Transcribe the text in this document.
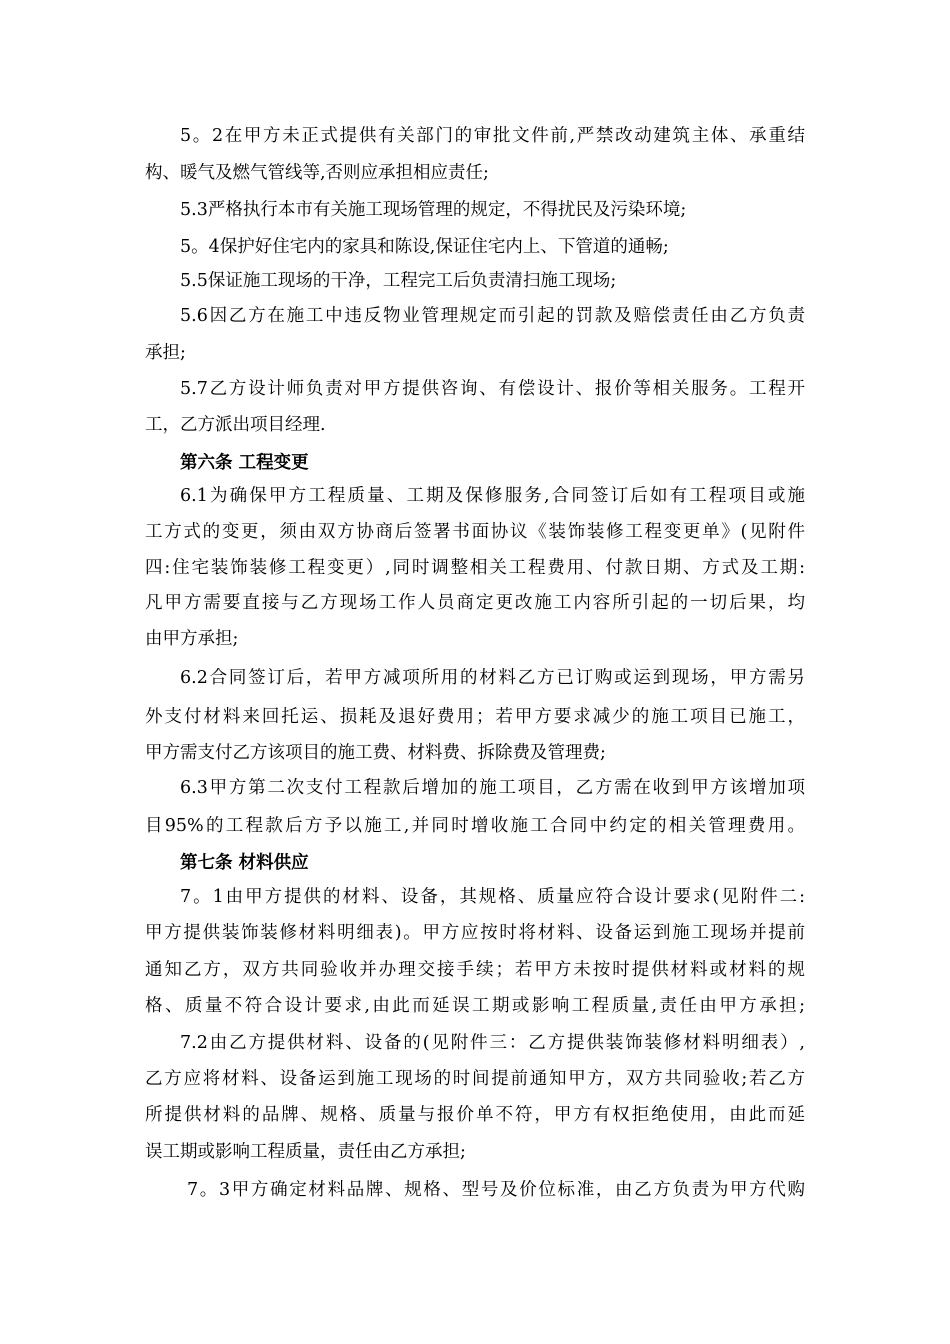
5。2在甲方未正式提供有关部门的审批文件前,严禁改动建筑主体、承重结
构、暖气及燃气管线等,否则应承担相应责任;
5.3严格执行本市有关施工现场管理的规定，不得扰民及污染环境;
5。4保护好住宅内的家具和陈设,保证住宅内上、下管道的通畅;
5.5保证施工现场的干净，工程完工后负责清扫施工现场;
5.6因乙方在施工中违反物业管理规定而引起的罚款及赔偿责任由乙方负责
承担;
5.7乙方设计师负责对甲方提供咨询、有偿设计、报价等相关服务。工程开
工，乙方派出项目经理.
第六条 工程变更
6.1为确保甲方工程质量、工期及保修服务,合同签订后如有工程项目或施
工方式的变更，须由双方协商后签署书面协议《装饰装修工程变更单》(见附件
四:住宅装饰装修工程变更）,同时调整相关工程费用、付款日期、方式及工期:
凡甲方需要直接与乙方现场工作人员商定更改施工内容所引起的一切后果，均
由甲方承担;
6.2合同签订后，若甲方减项所用的材料乙方已订购或运到现场，甲方需另
外支付材料来回托运、损耗及退好费用；若甲方要求减少的施工项目已施工，
甲方需支付乙方该项目的施工费、材料费、拆除费及管理费;
6.3甲方第二次支付工程款后增加的施工项目，乙方需在收到甲方该增加项
目95%的工程款后方予以施工,并同时增收施工合同中约定的相关管理费用。
第七条 材料供应
7。1由甲方提供的材料、设备，其规格、质量应符合设计要求(见附件二:
甲方提供装饰装修材料明细表)。甲方应按时将材料、设备运到施工现场并提前
通知乙方，双方共同验收并办理交接手续；若甲方未按时提供材料或材料的规
格、质量不符合设计要求,由此而延误工期或影响工程质量,责任由甲方承担;
7.2由乙方提供材料、设备的(见附件三：乙方提供装饰装修材料明细表）,
乙方应将材料、设备运到施工现场的时间提前通知甲方，双方共同验收;若乙方
所提供材料的品牌、规格、质量与报价单不符，甲方有权拒绝使用，由此而延
误工期或影响工程质量，责任由乙方承担;
7。3甲方确定材料品牌、规格、型号及价位标准，由乙方负责为甲方代购
